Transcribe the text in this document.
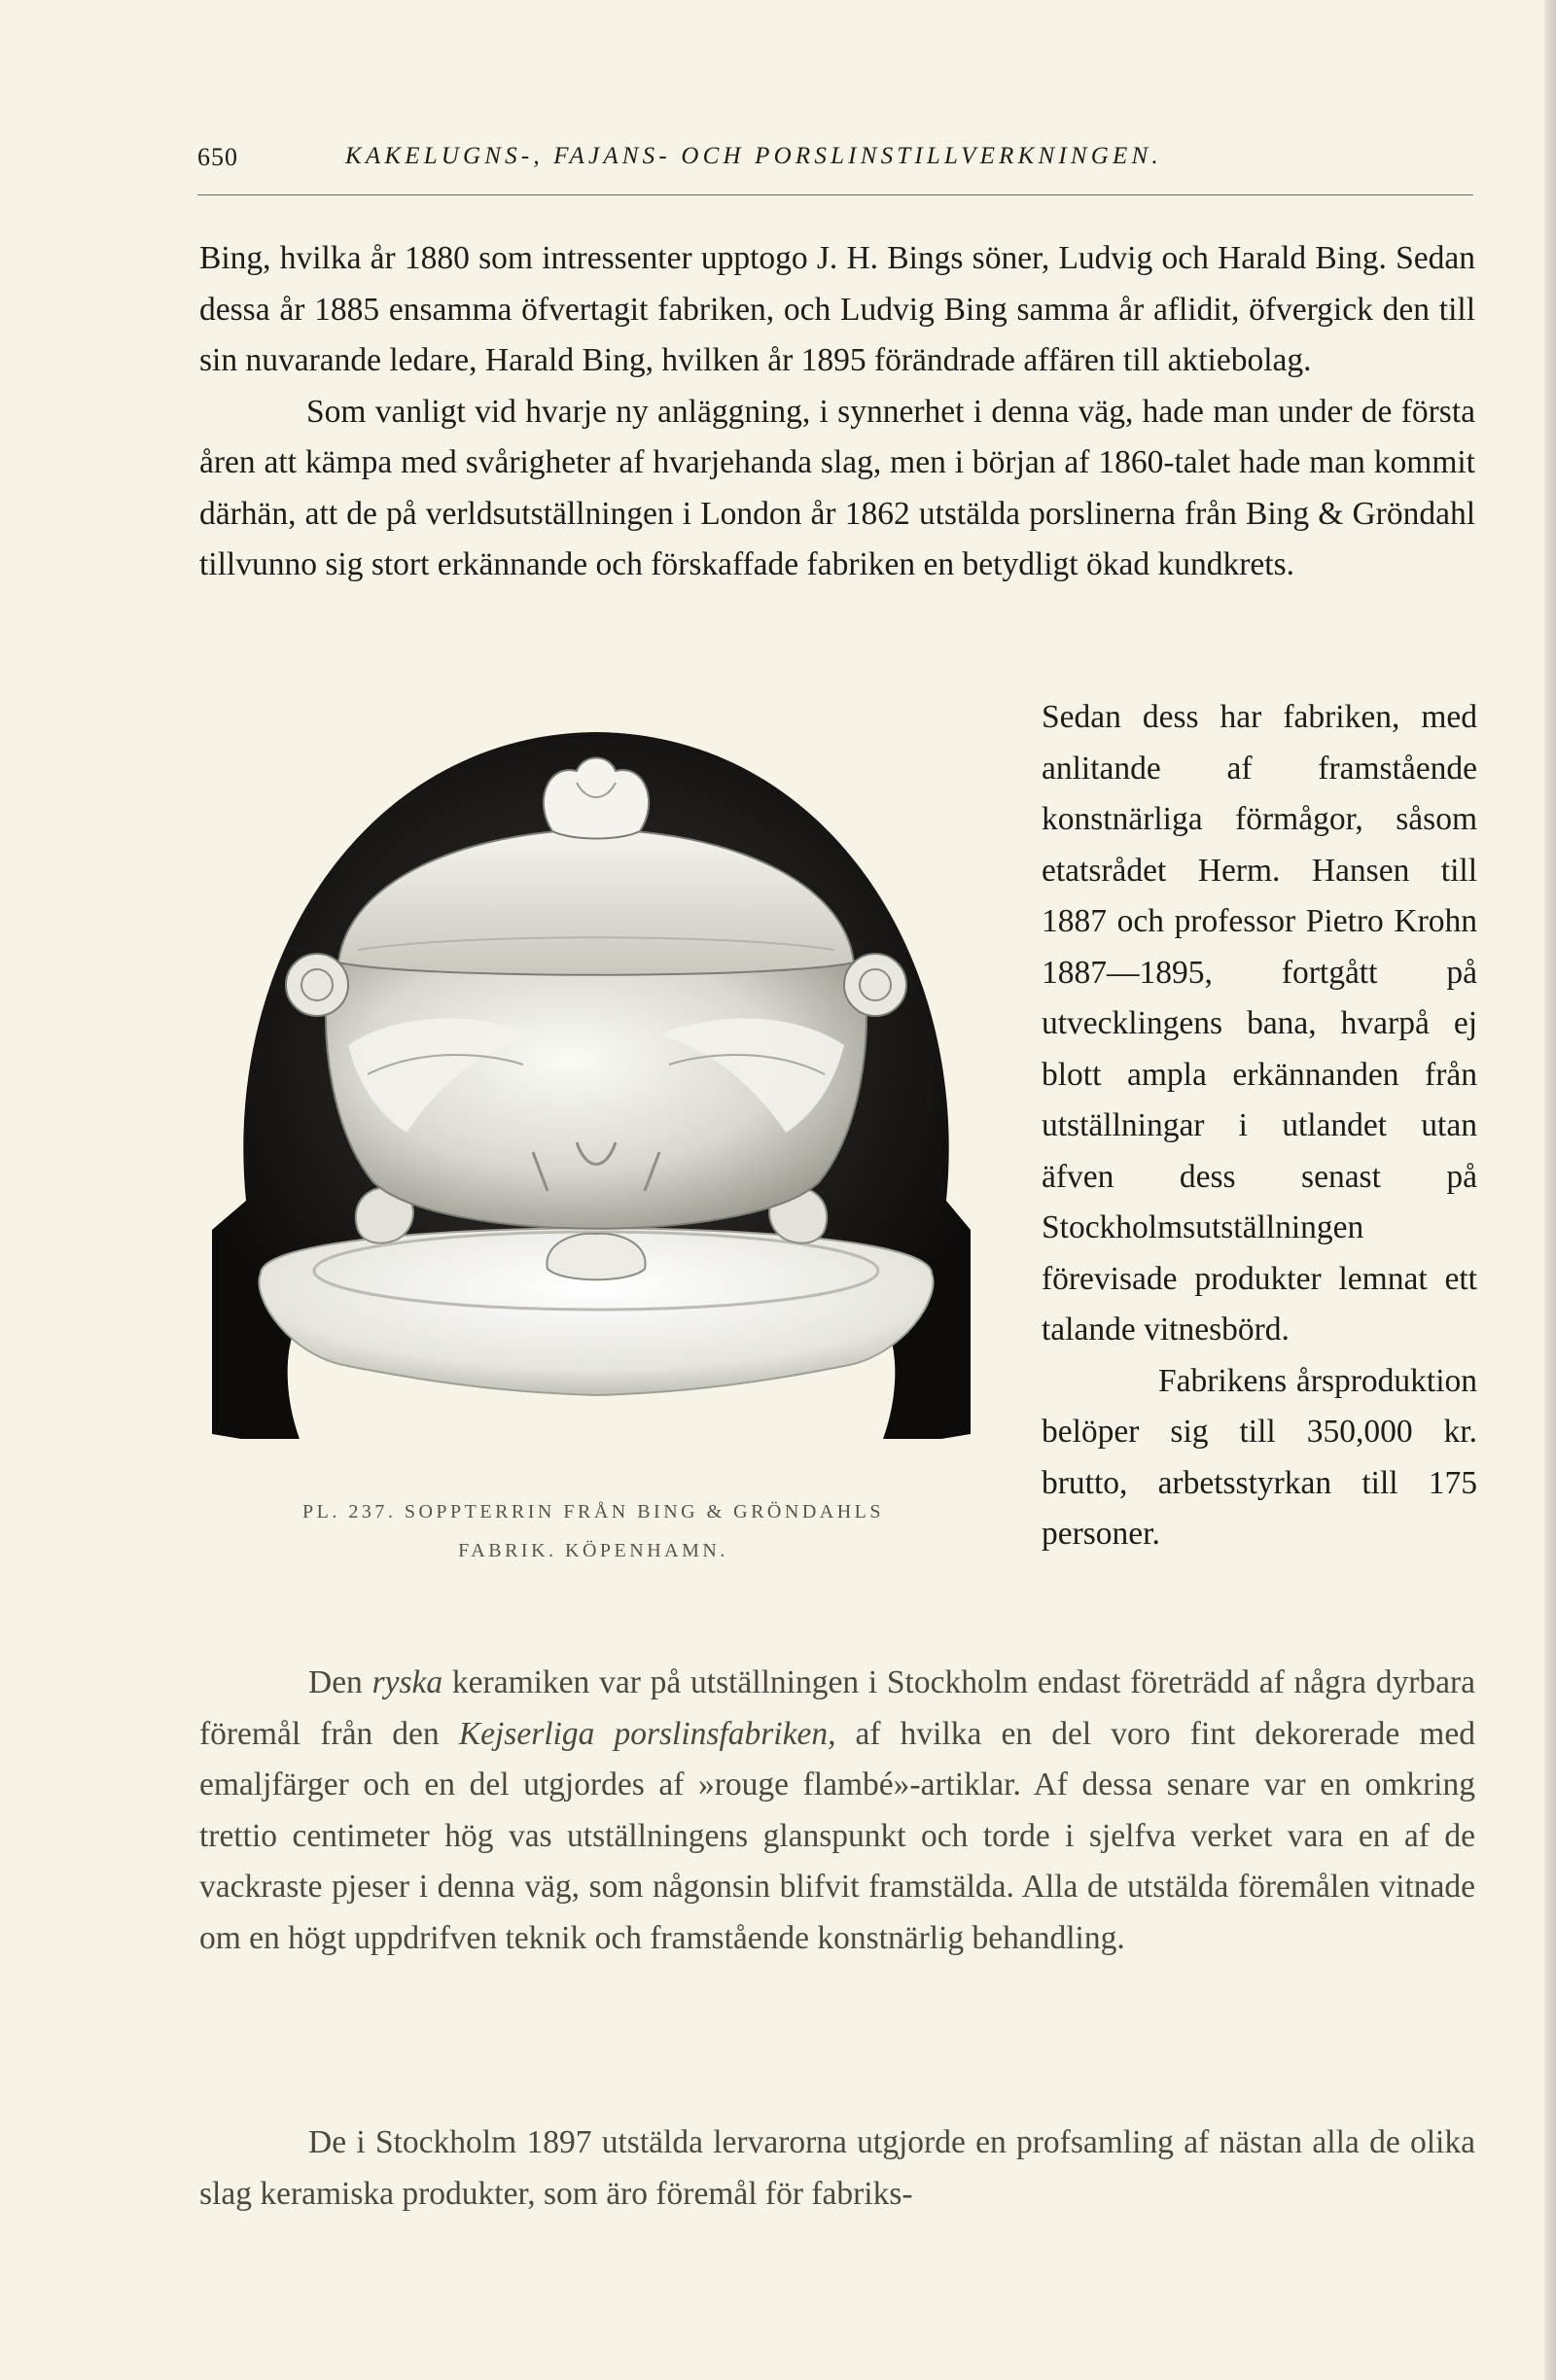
650	KAKELUGNS-, FAJANS- OCH PORSLINSTILLVERKNINGEN.

Bing, hvilka år 1880 som intressenter upptogo J. H. Bings söner, Ludvig och Harald Bing. Sedan dessa år 1885 ensamma öfvertagit fabriken, och Ludvig Bing samma år aflidit, öfvergick den till sin nuvarande ledare, Harald Bing, hvilken år 1895 förändrade affären till aktiebolag.

Som vanligt vid hvarje ny anläggning, i synnerhet i denna väg, hade man under de första åren att kämpa med svårigheter af hvarjehanda slag, men i början af 1860-talet hade man kommit därhän, att de på verldsutställningen i London år 1862 utstälda porslinerna från Bing & Gröndahl tillvunno sig stort erkännande och förskaffade fabriken en betydligt ökad kundkrets.

PL. 237. SOPPTERRIN FRÅN BING & GRÖNDAHLS
FABRIK. KÖPENHAMN.

Sedan dess har fabriken, med anlitande af framstående konstnärliga förmågor, såsom etatsrådet Herm. Hansen till 1887 och professor Pietro Krohn 1887—1895, fortgått på utvecklingens bana, hvarpå ej blott ampla erkännanden från utställningar i utlandet utan äfven dess senast på Stockholmsutställningen förevisade produkter lemnat ett talande vitnesbörd.

Fabrikens årsproduktion belöper sig till 350,000 kr. brutto, arbetsstyrkan till 175 personer.

Den ryska keramiken var på utställningen i Stockholm endast företrädd af några dyrbara föremål från den Kejserliga porslinsfabriken, af hvilka en del voro fint dekorerade med emaljfärger och en del utgjordes af »rouge flambé»-artiklar. Af dessa senare var en omkring trettio centimeter hög vas utställningens glanspunkt och torde i sjelfva verket vara en af de vackraste pjeser i denna väg, som någonsin blifvit framstälda. Alla de utstälda föremålen vitnade om en högt uppdrifven teknik och framstående konstnärlig behandling.

De i Stockholm 1897 utstälda lervarorna utgjorde en profsamling af nästan alla de olika slag keramiska produkter, som äro föremål för fabriks-
